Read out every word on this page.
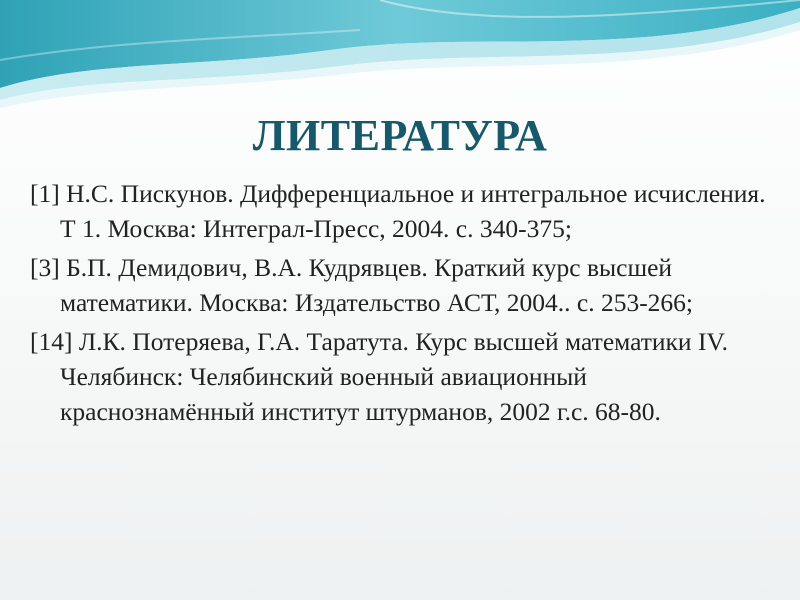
ЛИТЕРАТУРА
[1] Н.С. Пискунов. Дифференциальное и интегральное исчисления. Т 1. Москва: Интеграл-Пресс, 2004. с. 340-375;
[3] Б.П. Демидович, В.А. Кудрявцев. Краткий курс высшей математики. Москва: Издательство АСТ, 2004.. с. 253-266;
[14] Л.К. Потеряева, Г.А. Таратута. Курс высшей математики IV. Челябинск: Челябинский военный авиационный краснознамённый институт штурманов, 2002 г.с. 68-80.
